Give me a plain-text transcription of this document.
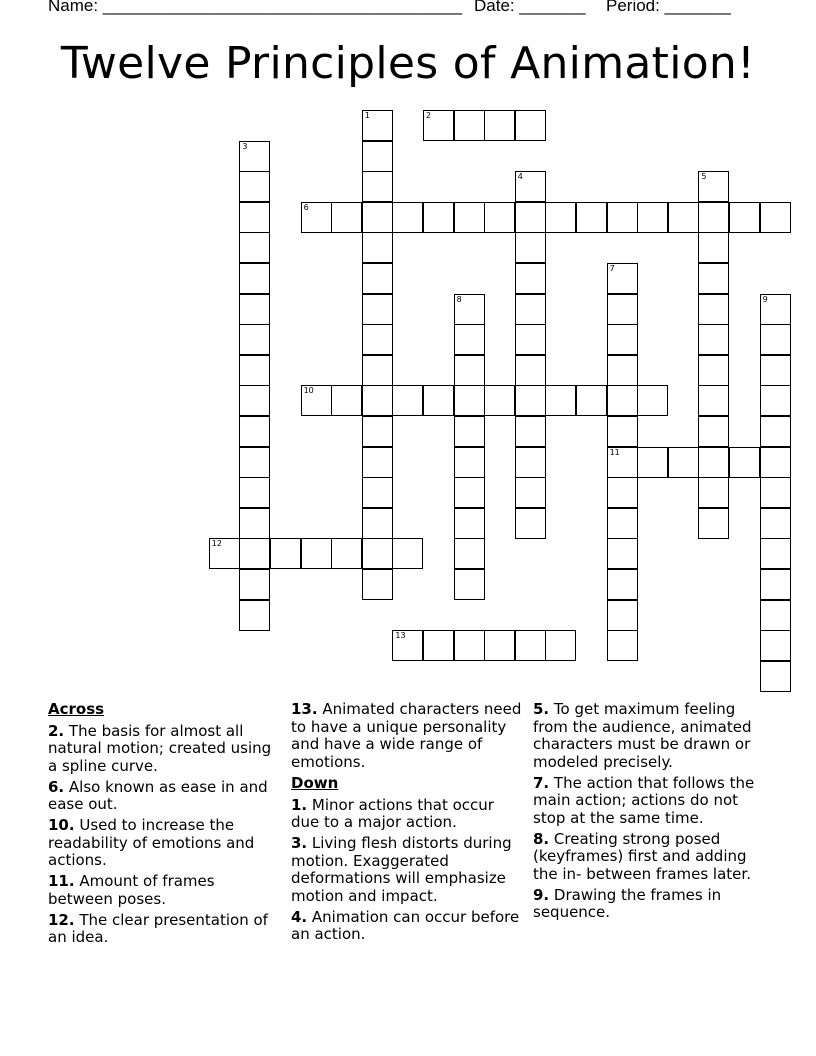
Name: ______________________________________ Date: _______ Period: _______
Twelve Principles of Animation!
1	2
3
4	5
6
7
11
8	9
10
12
13
Across
2. The basis for almost all natural motion; created using a spline curve.
6. Also known as ease in and ease out.
10. Used to increase the readability of emotions and actions.
11. Amount of frames between poses.
12. The clear presentation of an idea.
13. Animated characters need to have a unique personality and have a wide range of emotions.
Down
1. Minor actions that occur due to a major action.
3. Living flesh distorts during motion. Exaggerated deformations will emphasize motion and impact.
4. Animation can occur before an action.
5. To get maximum feeling from the audience, animated characters must be drawn or modeled precisely.
7. The action that follows the main action; actions do not stop at the same time.
8. Creating strong posed (keyframes) first and adding the in- between frames later.
9. Drawing the frames in sequence.
